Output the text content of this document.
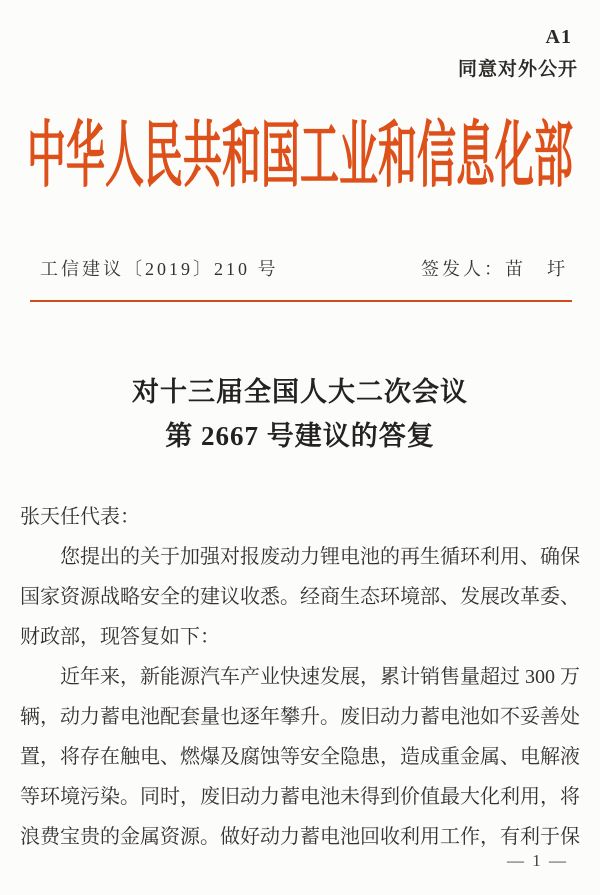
A1
同意对外公开
中华人民共和国工业和信息化部
工信建议〔2019〕210 号	签发人：苗　圩
对十三届全国人大二次会议
第 2667 号建议的答复
张天任代表：
您提出的关于加强对报废动力锂电池的再生循环利用、确保
国家资源战略安全的建议收悉。经商生态环境部、发展改革委、
财政部，现答复如下：
近年来，新能源汽车产业快速发展，累计销售量超过 300 万
辆，动力蓄电池配套量也逐年攀升。废旧动力蓄电池如不妥善处
置，将存在触电、燃爆及腐蚀等安全隐患，造成重金属、电解液
等环境污染。同时，废旧动力蓄电池未得到价值最大化利用，将
浪费宝贵的金属资源。做好动力蓄电池回收利用工作，有利于保
— 1 —
